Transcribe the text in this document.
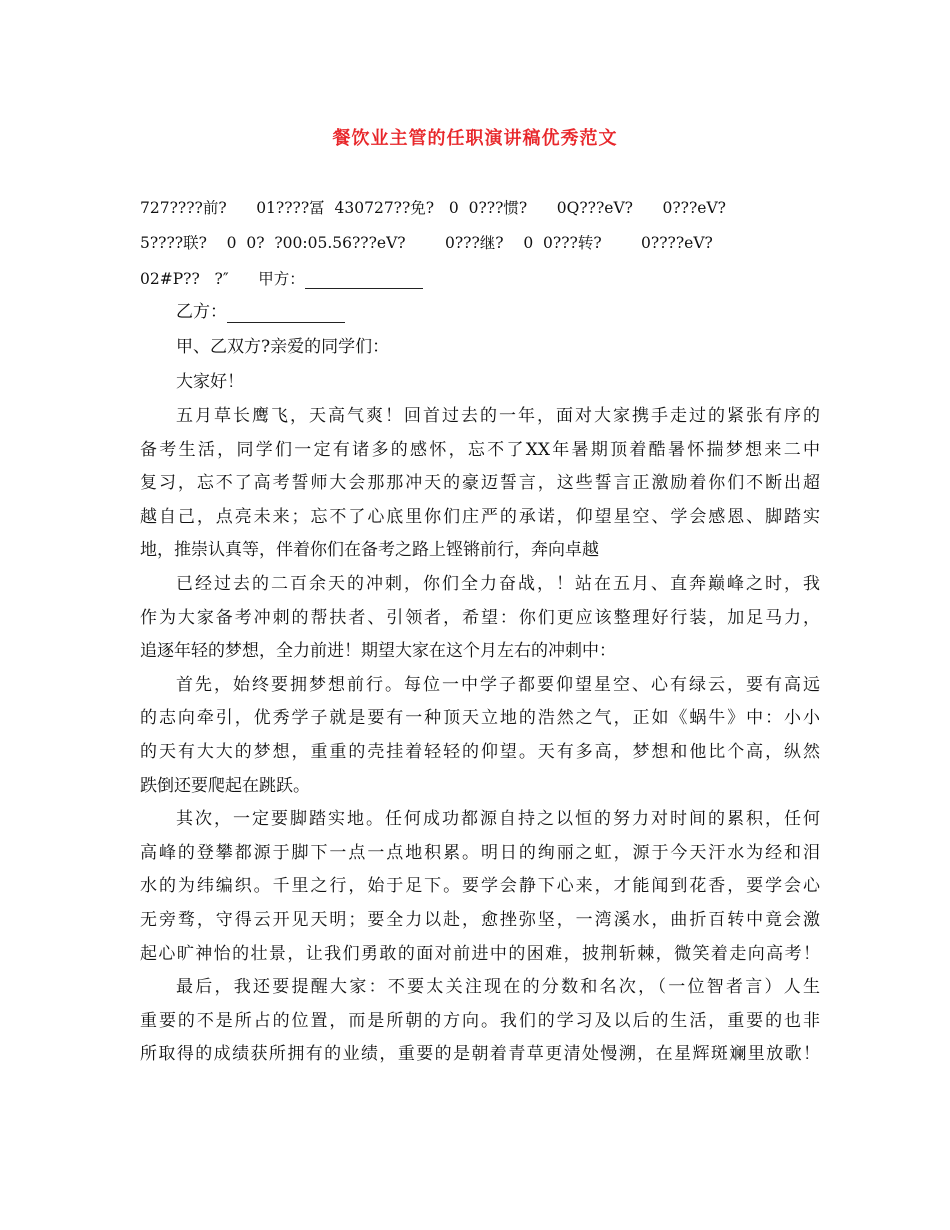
餐饮业主管的任职演讲稿优秀范文
727????前?      01????冨  430727??免?   0  0???惯?      0Q???eV?      0???eV?
5????联?    0  0?  ?00:05.56???eV?        0???继?    0  0???转?        0????eV?
02#P??   ?″      甲方：
乙方：
甲、乙双方?亲爱的同学们：
大家好！
五月草长鹰飞，天高气爽！回首过去的一年，面对大家携手走过的紧张有序的
备考生活，同学们一定有诸多的感怀，忘不了XX年暑期顶着酷暑怀揣梦想来二中
复习，忘不了高考誓师大会那那冲天的豪迈誓言，这些誓言正激励着你们不断出超
越自己，点亮未来；忘不了心底里你们庄严的承诺，仰望星空、学会感恩、脚踏实
地，推崇认真等，伴着你们在备考之路上铿锵前行，奔向卓越
已经过去的二百余天的冲刺，你们全力奋战，！站在五月、直奔巅峰之时，我
作为大家备考冲刺的帮扶者、引领者，希望：你们更应该整理好行装，加足马力，
追逐年轻的梦想，全力前进！期望大家在这个月左右的冲刺中：
首先，始终要拥梦想前行。每位一中学子都要仰望星空、心有绿云，要有高远
的志向牵引，优秀学子就是要有一种顶天立地的浩然之气，正如《蜗牛》中：小小
的天有大大的梦想，重重的壳挂着轻轻的仰望。天有多高，梦想和他比个高，纵然
跌倒还要爬起在跳跃。
其次，一定要脚踏实地。任何成功都源自持之以恒的努力对时间的累积，任何
高峰的登攀都源于脚下一点一点地积累。明日的绚丽之虹，源于今天汗水为经和泪
水的为纬编织。千里之行，始于足下。要学会静下心来，才能闻到花香，要学会心
无旁骛，守得云开见天明；要全力以赴，愈挫弥坚，一湾溪水，曲折百转中竟会激
起心旷神怡的壮景，让我们勇敢的面对前进中的困难，披荆斩棘，微笑着走向高考！
最后，我还要提醒大家：不要太关注现在的分数和名次，（一位智者言）人生
重要的不是所占的位置，而是所朝的方向。我们的学习及以后的生活，重要的也非
所取得的成绩获所拥有的业绩，重要的是朝着青草更清处慢溯，在星辉斑斓里放歌！
